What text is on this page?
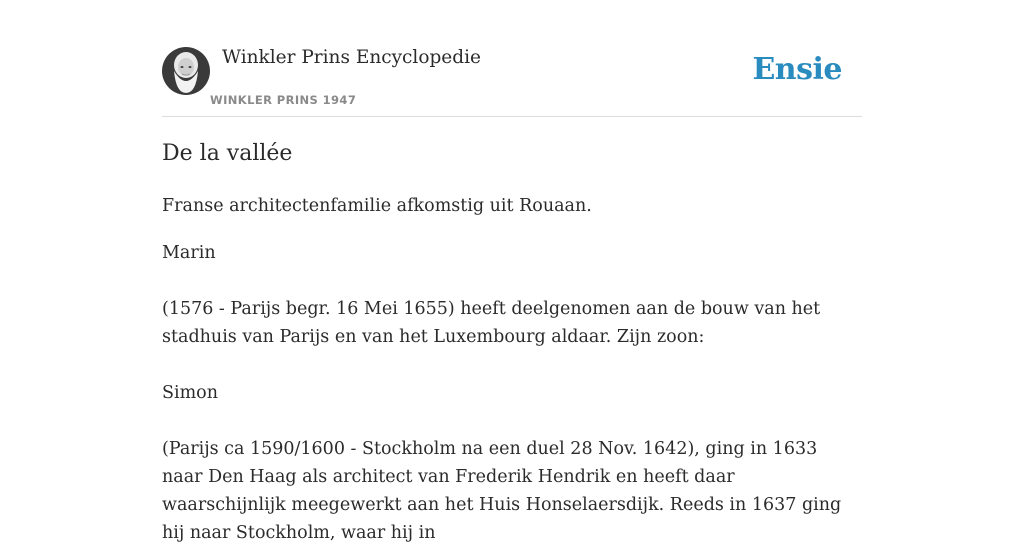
Winkler Prins Encyclopedie
WINKLER PRINS 1947
Ensie
De la vallée

Franse architectenfamilie afkomstig uit Rouaan.

Marin

(1576 - Parijs begr. 16 Mei 1655) heeft deelgenomen aan de bouw van het stadhuis van Parijs en van het Luxembourg aldaar. Zijn zoon:

Simon

(Parijs ca 1590/1600 - Stockholm na een duel 28 Nov. 1642), ging in 1633 naar Den Haag als architect van Frederik Hendrik en heeft daar waarschijnlijk meegewerkt aan het Huis Honselaersdijk. Reeds in 1637 ging hij naar Stockholm, waar hij in
